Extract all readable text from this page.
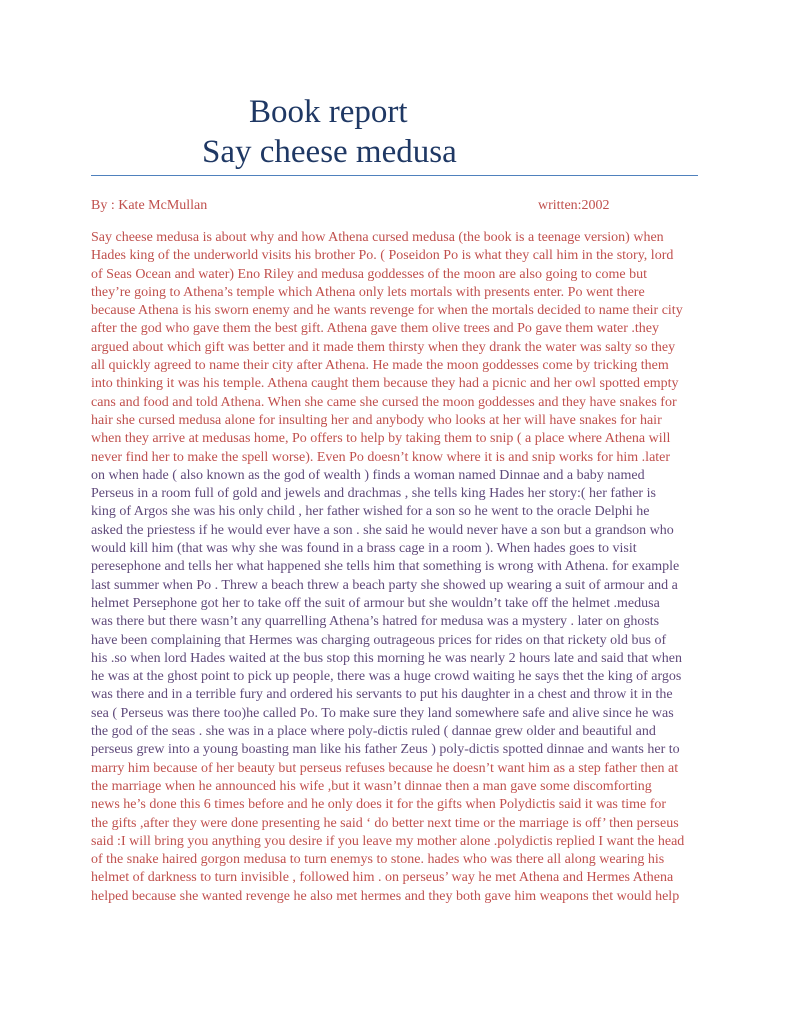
Book report
Say cheese medusa
By : Kate McMullan	written:2002
Say cheese medusa is about why and how Athena cursed medusa (the book is a teenage version) when
Hades king of the underworld visits his brother Po. ( Poseidon Po is what they call him in the story, lord
of Seas Ocean and water) Eno Riley and medusa goddesses of the moon are also going to come but
they’re going to Athena’s temple which Athena only lets mortals with presents enter. Po went there
because Athena is his sworn enemy and he wants revenge for when the mortals decided to name their city
after the god who gave them the best gift. Athena gave them olive trees and Po gave them water .they
argued about which gift was better and it made them thirsty when they drank the water was salty so they
all quickly agreed to name their city after Athena. He made the moon goddesses come by tricking them
into thinking it was his temple. Athena caught them because they had a picnic and her owl spotted empty
cans and food and told Athena. When she came she cursed the moon goddesses and they have snakes for
hair she cursed medusa alone for insulting her and anybody who looks at her will have snakes for hair
when they arrive at medusas home, Po offers to help by taking them to snip ( a place where Athena will
never find her to make the spell worse). Even Po doesn’t know where it is and snip works for him .later
on when hade ( also known as the god of wealth ) finds a woman named Dinnae and a baby named
Perseus in a room full of gold and jewels and drachmas , she tells king Hades her story:( her father is
king of Argos she was his only child , her father wished for a son so he went to the oracle Delphi he
asked the priestess if he would ever have a son . she said he would never have a son but a grandson who
would kill him (that was why she was found in a brass cage in a room ). When hades goes to visit
peresephone and tells her what happened she tells him that something is wrong with Athena. for example
last summer when Po . Threw a beach threw a beach party she showed up wearing a suit of armour and a
helmet Persephone got her to take off the suit of armour but she wouldn’t take off the helmet .medusa
was there but there wasn’t any quarrelling Athena’s hatred for medusa was a mystery . later on ghosts
have been complaining that Hermes was charging outrageous prices for rides on that rickety old bus of
his .so when lord Hades waited at the bus stop this morning he was nearly 2 hours late and said that when
he was at the ghost point to pick up people, there was a huge crowd waiting he says thet the king of argos
was there and in a terrible fury and ordered his servants to put his daughter in a chest and throw it in the
sea ( Perseus was there too)he called Po. To make sure they land somewhere safe and alive since he was
the god of the seas . she was in a place where poly-dictis ruled ( dannae grew older and beautiful and
perseus grew into a young boasting man like his father Zeus ) poly-dictis spotted dinnae and wants her to
marry him because of her beauty but perseus refuses because he doesn’t want him as a step father then at
the marriage when he announced his wife ,but it wasn’t dinnae then a man gave some discomforting
news he’s done this 6 times before and he only does it for the gifts when Polydictis said it was time for
the gifts ,after they were done presenting he said ‘ do better next time or the marriage is off’ then perseus
said :I will bring you anything you desire if you leave my mother alone .polydictis replied I want the head
of the snake haired gorgon medusa to turn enemys to stone. hades who was there all along wearing his
helmet of darkness to turn invisible , followed him . on perseus’ way he met Athena and Hermes Athena
helped because she wanted revenge he also met hermes and they both gave him weapons thet would help
